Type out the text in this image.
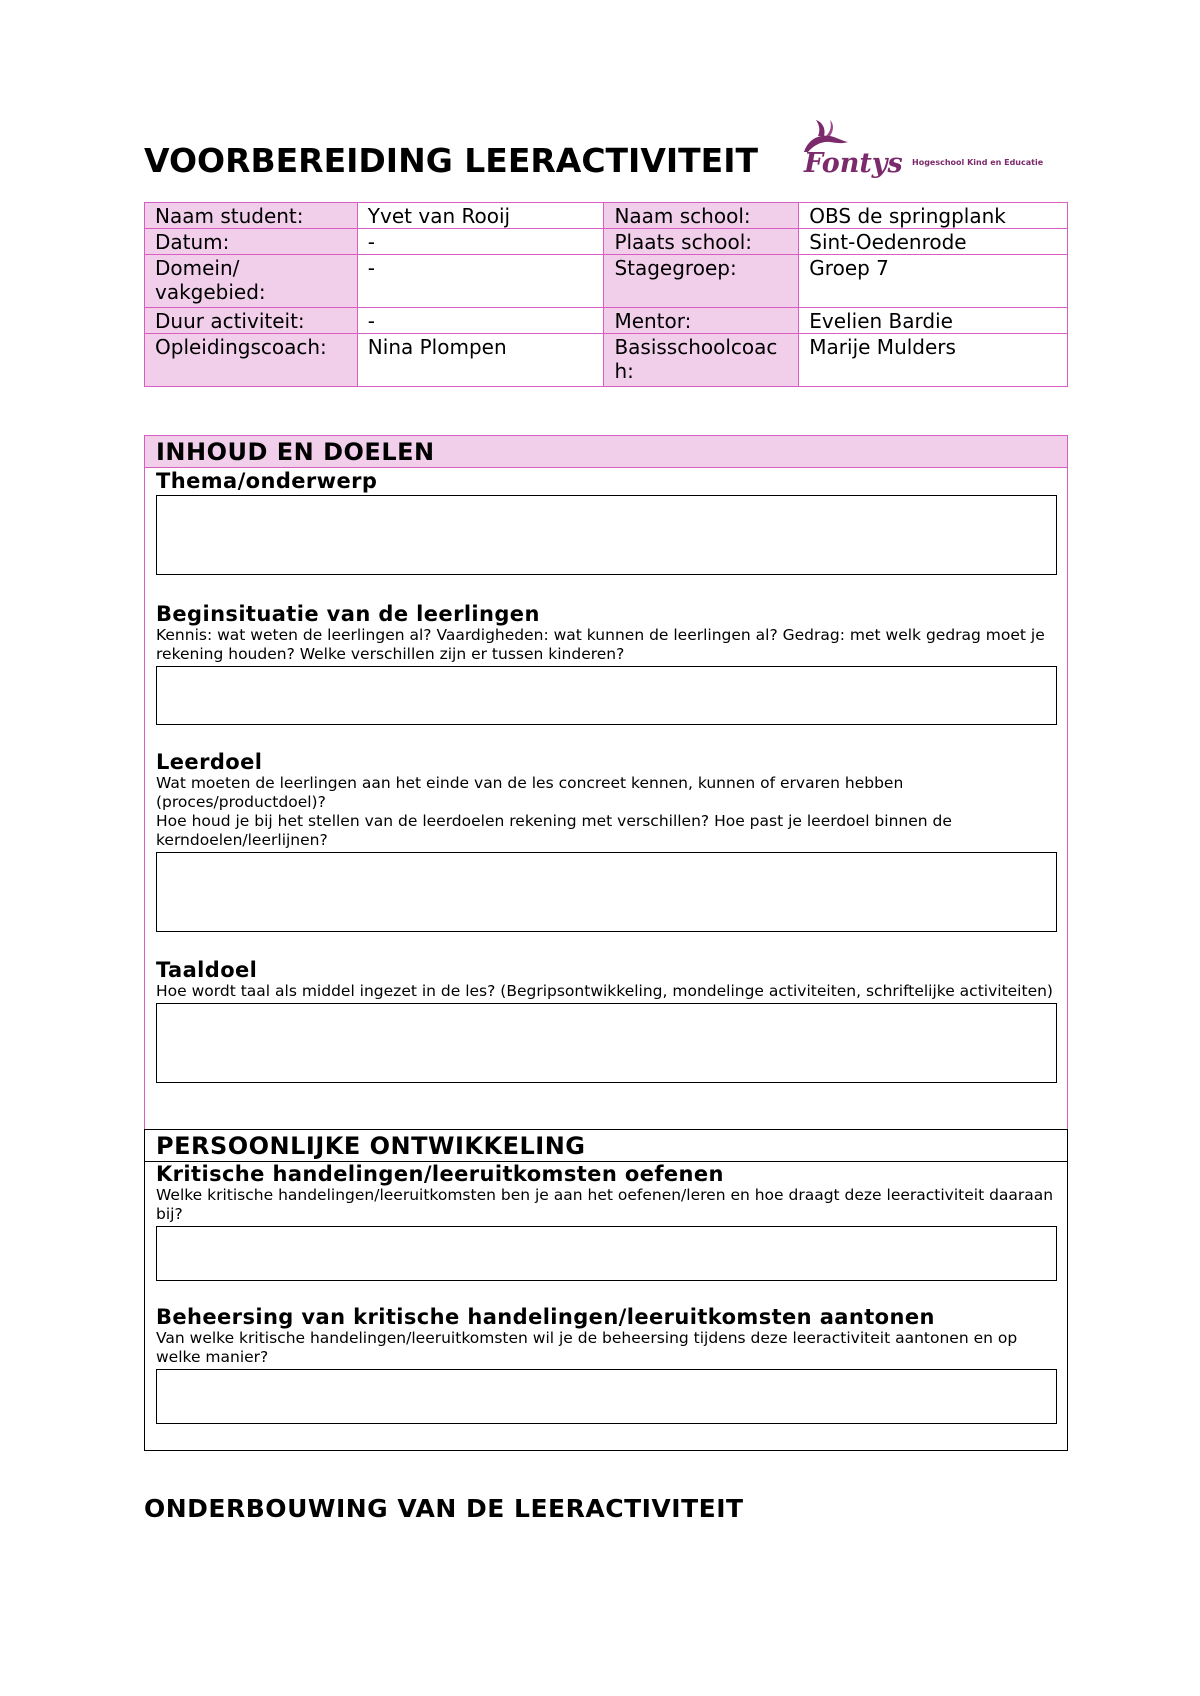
VOORBEREIDING LEERACTIVITEIT Fontys Hogeschool Kind en Educatie
Naam student:	Yvet van Rooij	Naam school:	OBS de springplank
Datum:	-	Plaats school:	Sint-Oedenrode
Domein/ vakgebied:	-	Stagegroep:	Groep 7
Duur activiteit:	-	Mentor:	Evelien Bardie
Opleidingscoach:	Nina Plompen	Basisschoolcoach:	Marije Mulders
INHOUD EN DOELEN
Thema/onderwerp
Beginsituatie van de leerlingen

Kennis: wat weten de leerlingen al? Vaardigheden: wat kunnen de leerlingen al? Gedrag: met welk gedrag moet je rekening houden? Welke verschillen zijn er tussen kinderen?

Leerdoel

Wat moeten de leerlingen aan het einde van de les concreet kennen, kunnen of ervaren hebben (proces/productdoel)?

Hoe houd je bij het stellen van de leerdoelen rekening met verschillen? Hoe past je leerdoel binnen de kerndoelen/leerlijnen?

Taaldoel

Hoe wordt taal als middel ingezet in de les? (Begripsontwikkeling, mondelinge activiteiten, schriftelijke activiteiten)

PERSOONLIJKE ONTWIKKELING
Kritische handelingen/leeruitkomsten oefenen

Welke kritische handelingen/leeruitkomsten ben je aan het oefenen/leren en hoe draagt deze leeractiviteit daaraan bij?

Beheersing van kritische handelingen/leeruitkomsten aantonen

Van welke kritische handelingen/leeruitkomsten wil je de beheersing tijdens deze leeractiviteit aantonen en op welke manier?

ONDERBOUWING VAN DE LEERACTIVITEIT
